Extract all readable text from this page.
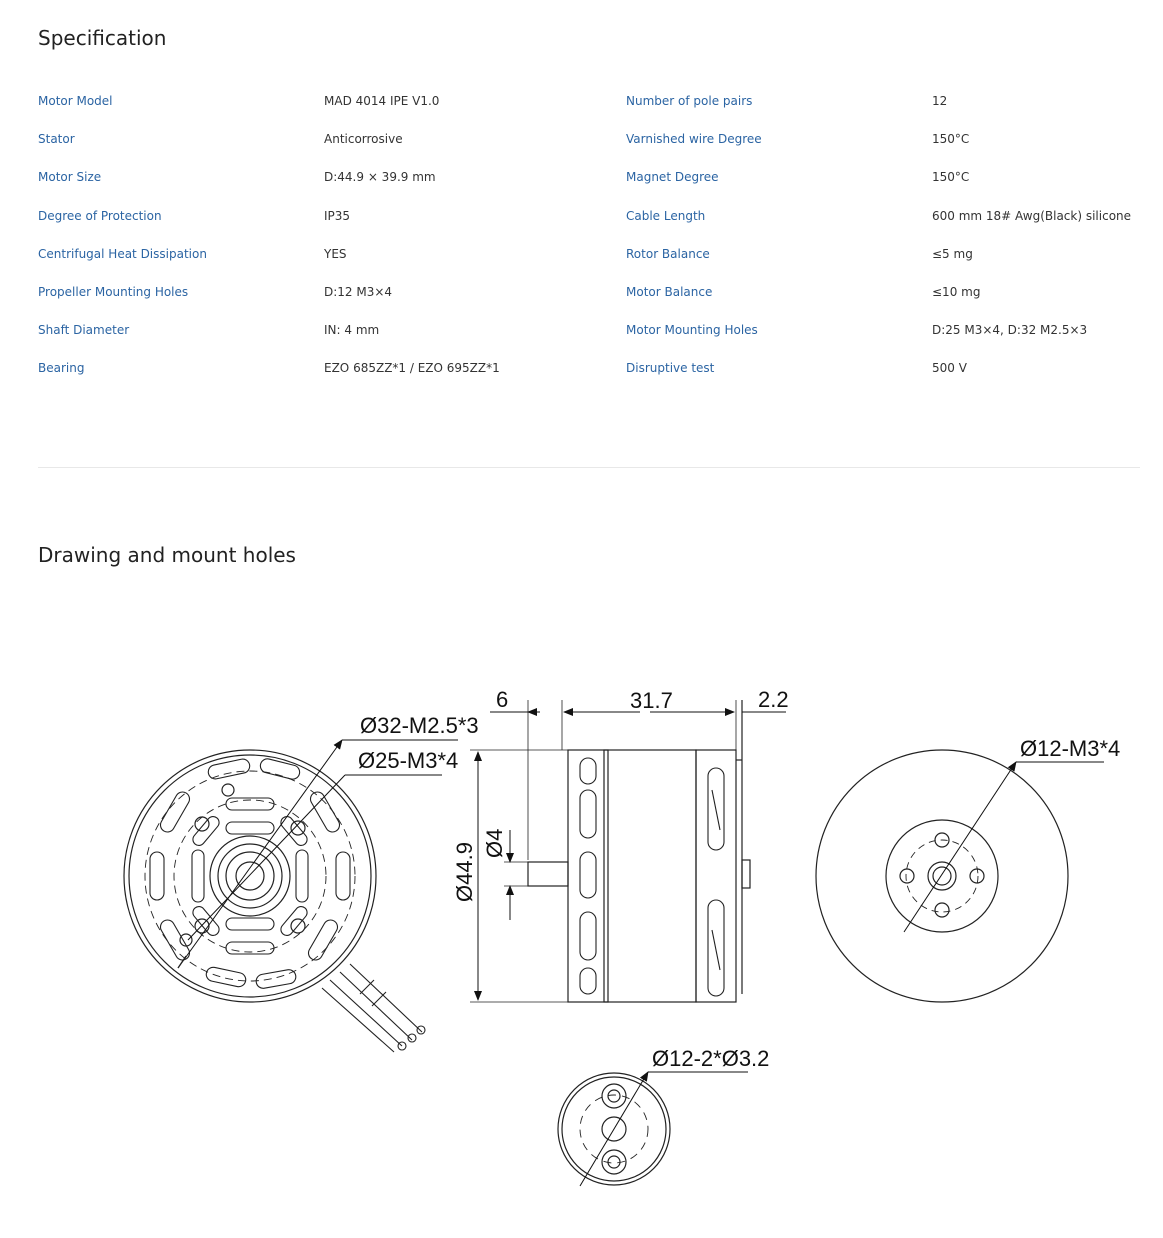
Specification
Motor Model	MAD 4014 IPE V1.0	Number of pole pairs	12
Stator	Anticorrosive	Varnished wire Degree	150°C
Motor Size	D:44.9 × 39.9 mm	Magnet Degree	150°C
Degree of Protection	IP35	Cable Length	600 mm 18# Awg(Black) silicone
Centrifugal Heat Dissipation	YES	Rotor Balance	≤5 mg
Propeller Mounting Holes	D:12 M3×4	Motor Balance	≤10 mg
Shaft Diameter	IN: 4 mm	Motor Mounting Holes	D:25 M3×4, D:32 M2.5×3
Bearing	EZO 685ZZ*1 / EZO 695ZZ*1	Disruptive test	500 V
Drawing and mount holes
Ø32-M2.5*3
Ø25-M3*4
6	31.7	2.2
Ø44.9 Ø4
Ø12-M3*4
Ø12-2*Ø3.2
